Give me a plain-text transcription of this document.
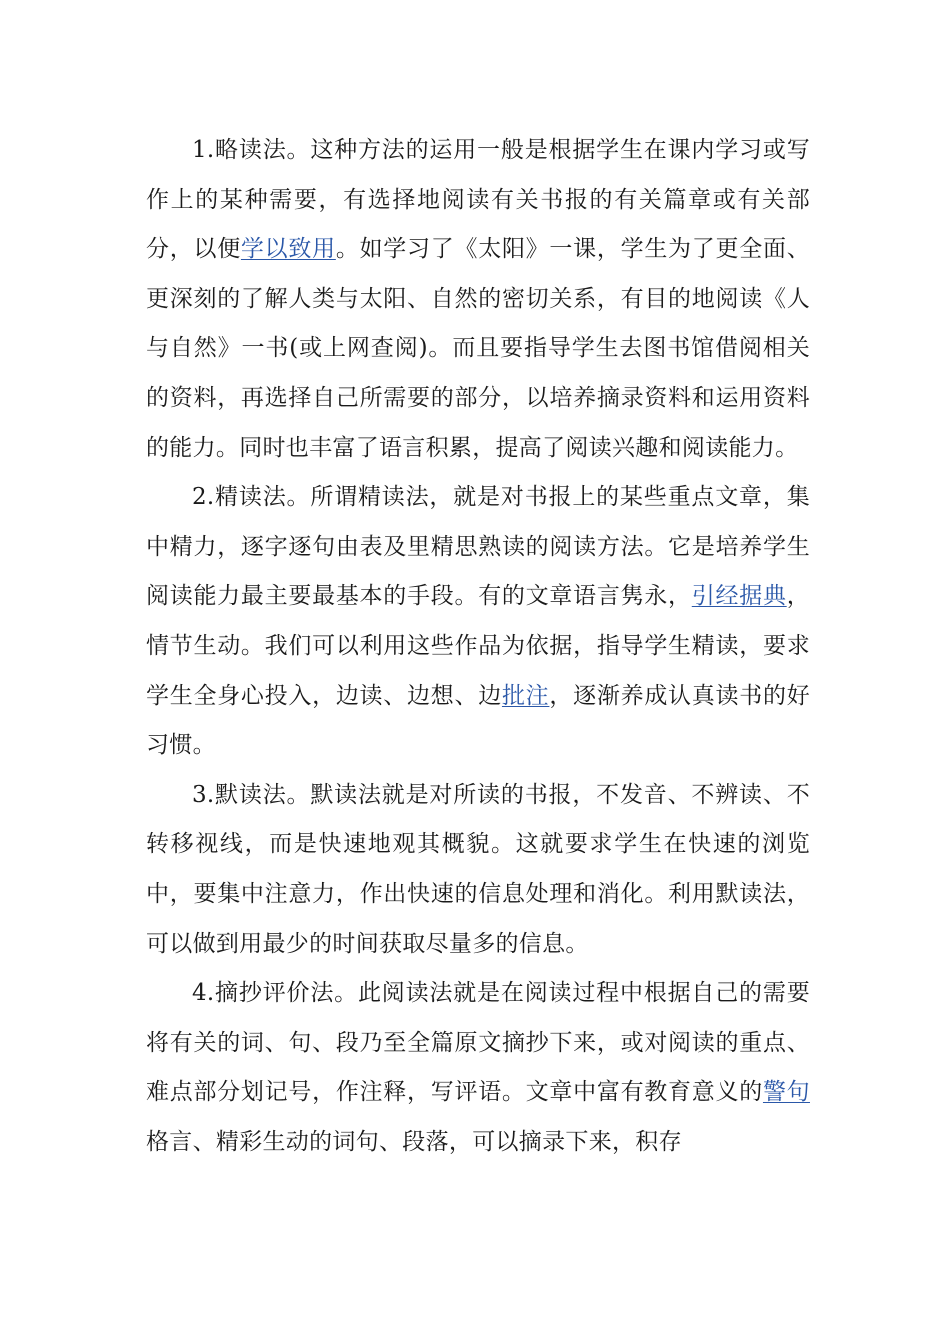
1.略读法。这种方法的运用一般是根据学生在课内学习或写作上的某种需要，有选择地阅读有关书报的有关篇章或有关部分，以便学以致用。如学习了《太阳》一课，学生为了更全面、更深刻的了解人类与太阳、自然的密切关系，有目的地阅读《人与自然》一书(或上网查阅)。而且要指导学生去图书馆借阅相关的资料，再选择自己所需要的部分，以培养摘录资料和运用资料的能力。同时也丰富了语言积累，提高了阅读兴趣和阅读能力。

2.精读法。所谓精读法，就是对书报上的某些重点文章，集中精力，逐字逐句由表及里精思熟读的阅读方法。它是培养学生阅读能力最主要最基本的手段。有的文章语言隽永，引经据典，情节生动。我们可以利用这些作品为依据，指导学生精读，要求学生全身心投入，边读、边想、边批注，逐渐养成认真读书的好习惯。

3.默读法。默读法就是对所读的书报，不发音、不辨读、不转移视线，而是快速地观其概貌。这就要求学生在快速的浏览中，要集中注意力，作出快速的信息处理和消化。利用默读法，可以做到用最少的时间获取尽量多的信息。

4.摘抄评价法。此阅读法就是在阅读过程中根据自己的需要将有关的词、句、段乃至全篇原文摘抄下来，或对阅读的重点、难点部分划记号，作注释，写评语。文章中富有教育意义的警句格言、精彩生动的词句、段落，可以摘录下来，积存
